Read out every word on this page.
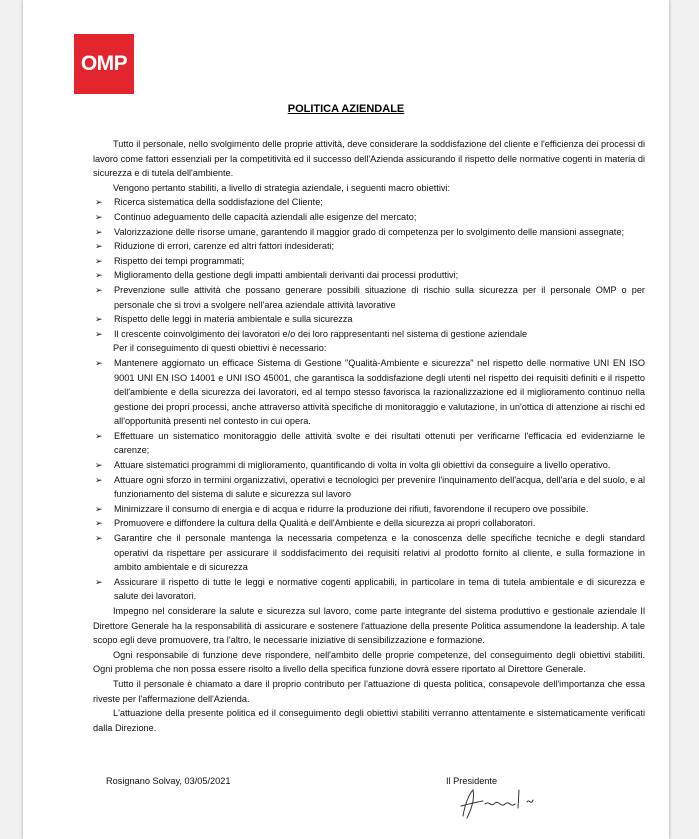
OMP
POLITICA AZIENDALE

Tutto il personale, nello svolgimento delle proprie attività, deve considerare la soddisfazione del cliente e l'efficienza dei processi di lavoro come fattori essenziali per la competitività ed il successo dell'Azienda assicurando il rispetto delle normative cogenti in materia di sicurezza e di tutela dell'ambiente.

Vengono pertanto stabiliti, a livello di strategia aziendale, i seguenti macro obiettivi:

➢ Ricerca sistematica della soddisfazione del Cliente;
➢ Continuo adeguamento delle capacità aziendali alle esigenze del mercato;
➢ Valorizzazione delle risorse umane, garantendo il maggior grado di competenza per lo svolgimento delle mansioni assegnate;
➢ Riduzione di errori, carenze ed altri fattori indesiderati;
➢ Rispetto dei tempi programmati;
➢ Miglioramento della gestione degli impatti ambientali derivanti dai processi produttivi;
➢ Prevenzione sulle attività che possano generare possibili situazione di rischio sulla sicurezza per il personale OMP o per personale che si trovi a svolgere nell'area aziendale attività lavorative
➢ Rispetto delle leggi in materia ambientale e sulla sicurezza
➢ Il crescente coinvolgimento dei lavoratori e/o dei loro rappresentanti nel sistema di gestione aziendale

Per il conseguimento di questi obiettivi è necessario:

➢ Mantenere aggiornato un efficace Sistema di Gestione "Qualità-Ambiente e sicurezza" nel rispetto delle normative UNI EN ISO 9001 UNI EN ISO 14001 e UNI ISO 45001, che garantisca la soddisfazione degli utenti nel rispetto dei requisiti definiti e il rispetto dell'ambiente e della sicurezza dei lavoratori, ed al tempo stesso favorisca la razionalizzazione ed il miglioramento continuo nella gestione dei propri processi, anche attraverso attività specifiche di monitoraggio e valutazione, in un'ottica di attenzione ai rischi ed all'opportunità presenti nel contesto in cui opera.
➢ Effettuare un sistematico monitoraggio delle attività svolte e dei risultati ottenuti per verificarne l'efficacia ed evidenziarne le carenze;
➢ Attuare sistematici programmi di miglioramento, quantificando di volta in volta gli obiettivi da conseguire a livello operativo.
➢ Attuare ogni sforzo in termini organizzativi, operativi e tecnologici per prevenire l'inquinamento dell'acqua, dell'aria e del suolo, e al funzionamento del sistema di salute e sicurezza sul lavoro
➢ Minimizzare il consumo di energia e di acqua e ridurre la produzione dei rifiuti, favorendone il recupero ove possibile.
➢ Promuovere e diffondere la cultura della Qualità e dell'Ambiente e della sicurezza ai propri collaboratori.
➢ Garantire che il personale mantenga la necessaria competenza e la conoscenza delle specifiche tecniche e degli standard operativi da rispettare per assicurare il soddisfacimento dei requisiti relativi al prodotto fornito al cliente, e sulla formazione in ambito ambientale e di sicurezza
➢ Assicurare il rispetto di tutte le leggi e normative cogenti applicabili, in particolare in tema di tutela ambientale e di sicurezza e salute dei lavoratori.

Impegno nel considerare la salute e sicurezza sul lavoro, come parte integrante del sistema produttivo e gestionale aziendale Il Direttore Generale ha la responsabilità di assicurare e sostenere l'attuazione della presente Politica assumendone la leadership. A tale scopo egli deve promuovere, tra l'altro, le necessarie iniziative di sensibilizzazione e formazione.

Ogni responsabile di funzione deve rispondere, nell'ambito delle proprie competenze, del conseguimento degli obiettivi stabiliti. Ogni problema che non possa essere risolto a livello della specifica funzione dovrà essere riportato al Direttore Generale.

Tutto il personale è chiamato a dare il proprio contributo per l'attuazione di questa politica, consapevole dell'importanza che essa riveste per l'affermazione dell'Azienda.

L'attuazione della presente politica ed il conseguimento degli obiettivi stabiliti verranno attentamente e sistematicamente verificati dalla Direzione.

Rosignano Solvay, 03/05/2021	Il Presidente
